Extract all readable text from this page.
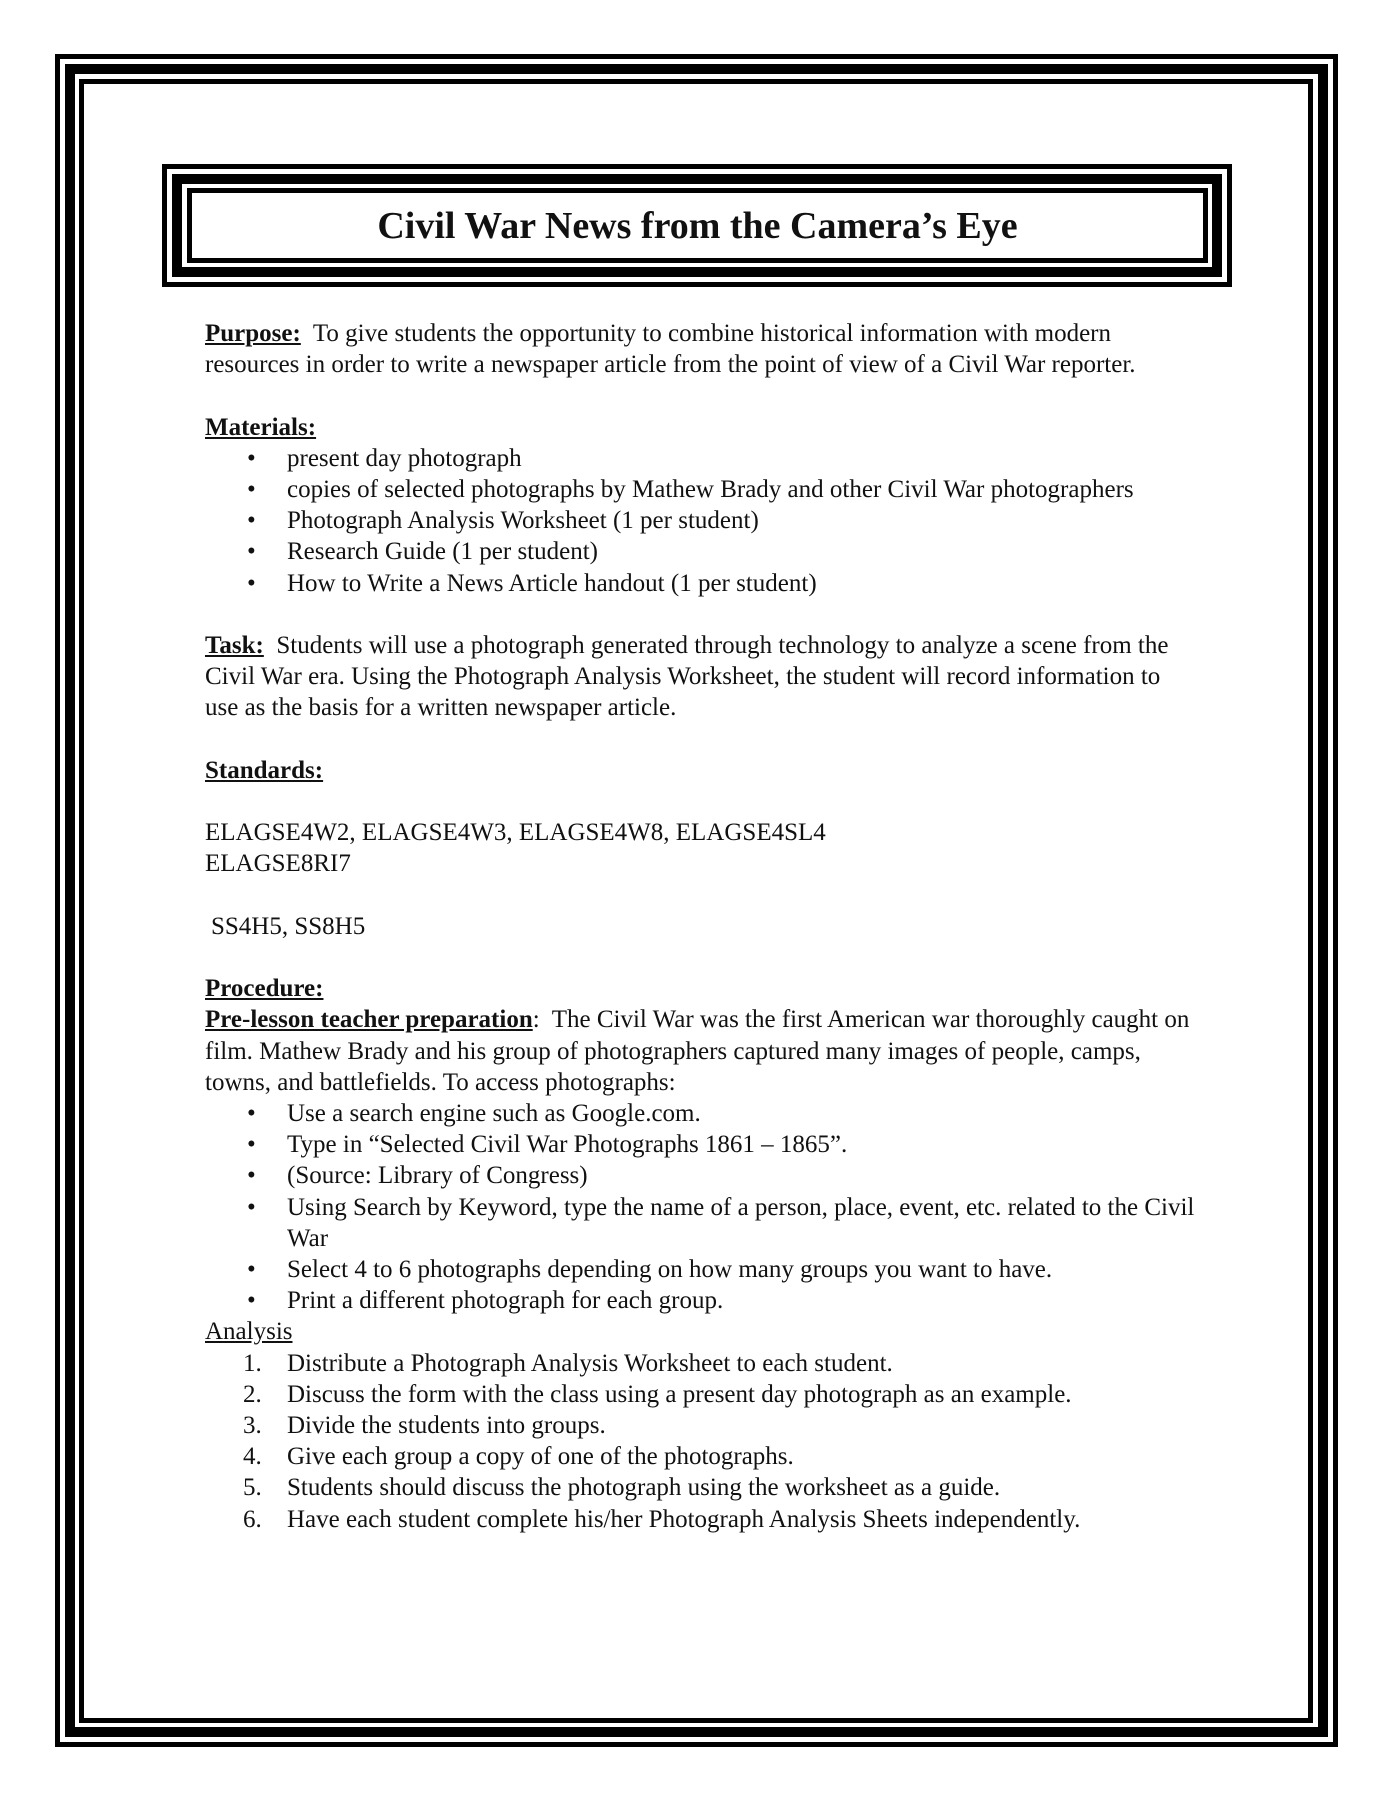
Civil War News from the Camera’s Eye

Purpose: To give students the opportunity to combine historical information with modern resources in order to write a newspaper article from the point of view of a Civil War reporter.

Materials:

• present day photograph
• copies of selected photographs by Mathew Brady and other Civil War photographers
• Photograph Analysis Worksheet (1 per student)
• Research Guide (1 per student)
• How to Write a News Article handout (1 per student)

Task: Students will use a photograph generated through technology to analyze a scene from the Civil War era. Using the Photograph Analysis Worksheet, the student will record information to use as the basis for a written newspaper article.

Standards:

ELAGSE4W2, ELAGSE4W3, ELAGSE4W8, ELAGSE4SL4

ELAGSE8RI7

SS4H5, SS8H5

Procedure:

Pre-lesson teacher preparation:  The Civil War was the first American war thoroughly caught on film. Mathew Brady and his group of photographers captured many images of people, camps, towns, and battlefields. To access photographs:

• Use a search engine such as Google.com.
• Type in “Selected Civil War Photographs 1861 – 1865”.
• (Source: Library of Congress)
• Using Search by Keyword, type the name of a person, place, event, etc. related to the Civil War
• Select 4 to 6 photographs depending on how many groups you want to have.
• Print a different photograph for each group.

Analysis

1. Distribute a Photograph Analysis Worksheet to each student.
2. Discuss the form with the class using a present day photograph as an example.
3. Divide the students into groups.
4. Give each group a copy of one of the photographs.
5. Students should discuss the photograph using the worksheet as a guide.
6. Have each student complete his/her Photograph Analysis Sheets independently.
